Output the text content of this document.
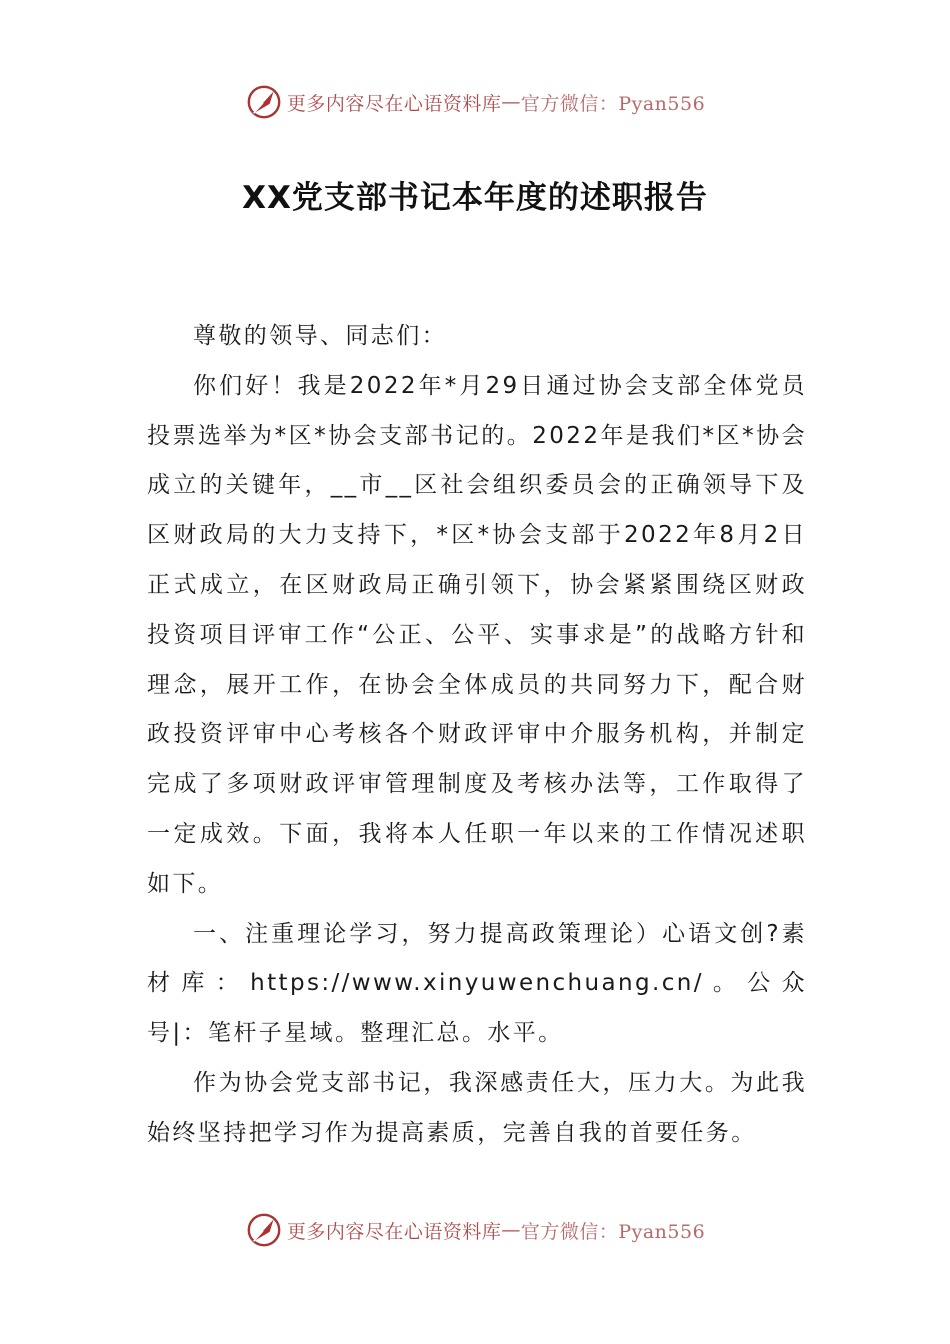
更多内容尽在心语资料库 — 官方微信：Pyan556
XX党支部书记本年度的述职报告

尊敬的领导、同志们：

你们好！我是2022年*月29日通过协会支部全体党员投票选举为*区*协会支部书记的。2022年是我们*区*协会成立的关键年，__市__区社会组织委员会的正确领导下及区财政局的大力支持下，*区*协会支部于2022年8月2日正式成立，在区财政局正确引领下，协会紧紧围绕区财政投资项目评审工作“公正、公平、实事求是”的战略方针和理念，展开工作，在协会全体成员的共同努力下，配合财政投资评审中心考核各个财政评审中介服务机构，并制定完成了多项财政评审管理制度及考核办法等，工作取得了一定成效。下面，我将本人任职一年以来的工作情况述职如下。

一、注重理论学习，努力提高政策理论）心语文创?素材库：https://www.xinyuwenchuang.cn/。公众号|：笔杆子星域。整理汇总。水平。

作为协会党支部书记，我深感责任大，压力大。为此我始终坚持把学习作为提高素质，完善自我的首要任务。

更多内容尽在心语资料库 — 官方微信：Pyan556
